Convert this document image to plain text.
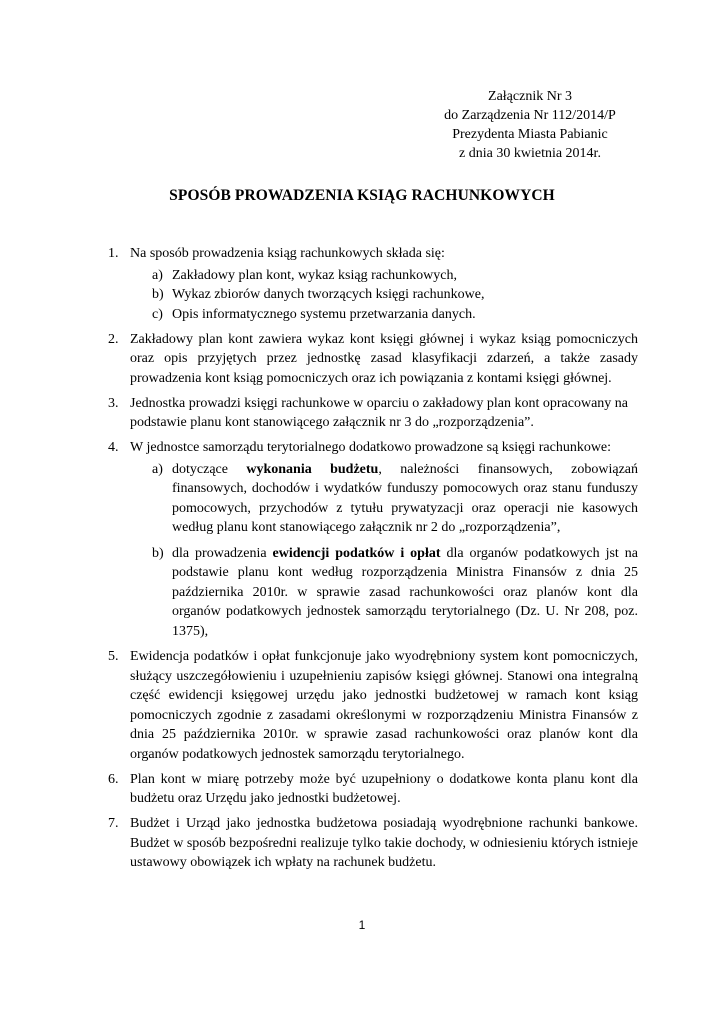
Załącznik Nr 3
do Zarządzenia Nr 112/2014/P
Prezydenta Miasta Pabianic
z dnia 30 kwietnia 2014r.
SPOSÓB PROWADZENIA KSIĄG RACHUNKOWYCH
1. Na sposób prowadzenia ksiąg rachunkowych składa się:
a) Zakładowy plan kont, wykaz ksiąg rachunkowych,
b) Wykaz zbiorów danych tworzących księgi rachunkowe,
c) Opis informatycznego systemu przetwarzania danych.
2. Zakładowy plan kont zawiera wykaz kont księgi głównej i wykaz ksiąg pomocniczych oraz opis przyjętych przez jednostkę zasad klasyfikacji zdarzeń, a także zasady prowadzenia kont ksiąg pomocniczych oraz ich powiązania z kontami księgi głównej.
3. Jednostka prowadzi księgi rachunkowe w oparciu o zakładowy plan kont opracowany na podstawie planu kont stanowiącego załącznik nr 3 do „rozporządzenia”.
4. W jednostce samorządu terytorialnego dodatkowo prowadzone są księgi rachunkowe:
a) dotyczące wykonania budżetu, należności finansowych, zobowiązań finansowych, dochodów i wydatków funduszy pomocowych oraz stanu funduszy pomocowych, przychodów z tytułu prywatyzacji oraz operacji nie kasowych według planu kont stanowiącego załącznik nr 2 do „rozporządzenia”,
b) dla prowadzenia ewidencji podatków i opłat dla organów podatkowych jst na podstawie planu kont według rozporządzenia Ministra Finansów z dnia 25 października 2010r. w sprawie zasad rachunkowości oraz planów kont dla organów podatkowych jednostek samorządu terytorialnego (Dz. U. Nr 208, poz. 1375),
5. Ewidencja podatków i opłat funkcjonuje jako wyodrębniony system kont pomocniczych, służący uszczegółowieniu i uzupełnieniu zapisów księgi głównej. Stanowi ona integralną część ewidencji księgowej urzędu jako jednostki budżetowej w ramach kont ksiąg pomocniczych zgodnie z zasadami określonymi w rozporządzeniu Ministra Finansów z dnia 25 października 2010r. w sprawie zasad rachunkowości oraz planów kont dla organów podatkowych jednostek samorządu terytorialnego.
6. Plan kont w miarę potrzeby może być uzupełniony o dodatkowe konta planu kont dla budżetu oraz Urzędu jako jednostki budżetowej.
7. Budżet i Urząd jako jednostka budżetowa posiadają wyodrębnione rachunki bankowe. Budżet w sposób bezpośredni realizuje tylko takie dochody, w odniesieniu których istnieje ustawowy obowiązek ich wpłaty na rachunek budżetu.
1
